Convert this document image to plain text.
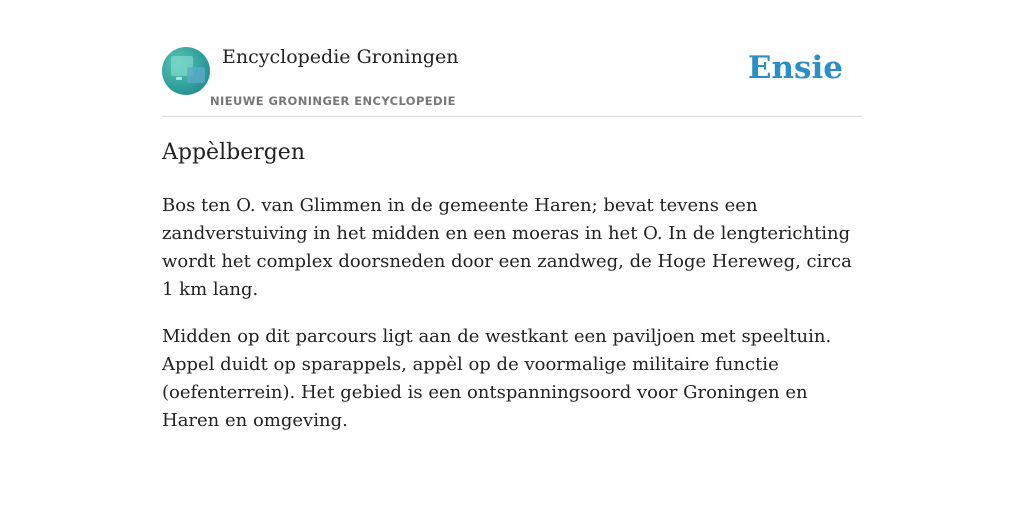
Encyclopedie Groningen
NIEUWE GRONINGER ENCYCLOPEDIE
Ensie
Appèlbergen

Bos ten O. van Glimmen in de gemeente Haren; bevat tevens een zandverstuiving in het midden en een moeras in het O. In de lengterichting wordt het complex doorsneden door een zandweg, de Hoge Hereweg, circa 1 km lang.

Midden op dit parcours ligt aan de westkant een paviljoen met speeltuin. Appel duidt op sparappels, appèl op de voormalige militaire functie (oefenterrein). Het gebied is een ontspanningsoord voor Groningen en Haren en omgeving.
